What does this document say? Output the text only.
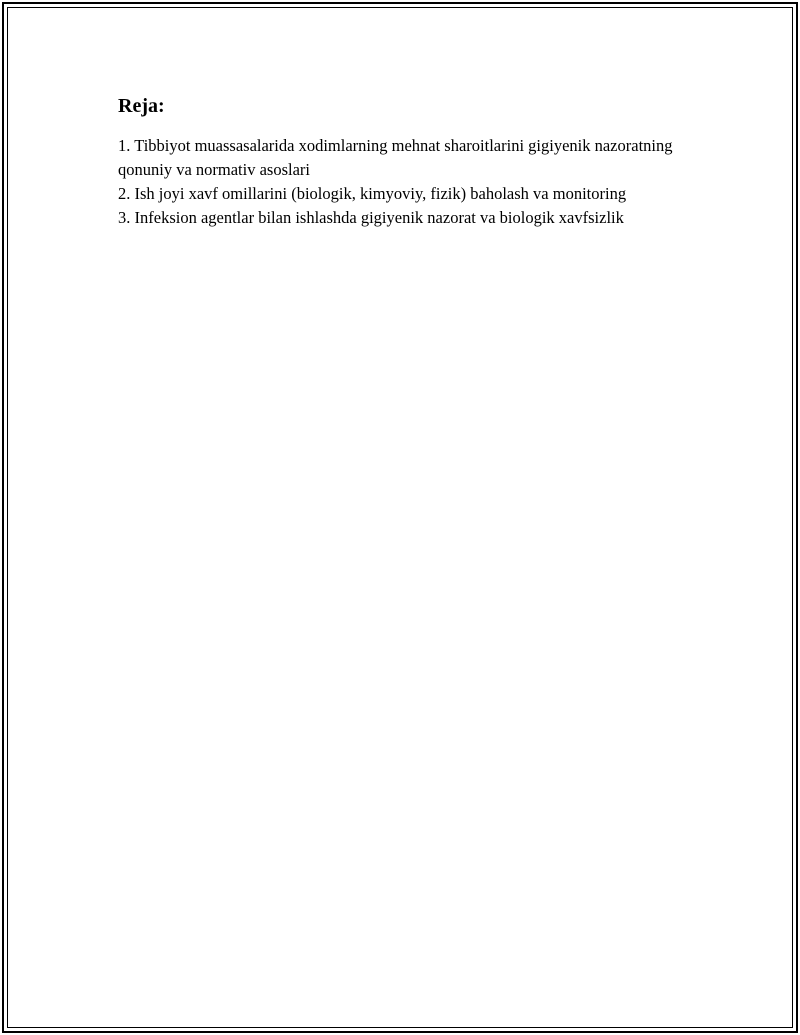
Reja:
1. Tibbiyot muassasalarida xodimlarning mehnat sharoitlarini gigiyenik nazoratning qonuniy va normativ asoslari
2. Ish joyi xavf omillarini (biologik, kimyoviy, fizik) baholash va monitoring
3. Infeksion agentlar bilan ishlashda gigiyenik nazorat va biologik xavfsizlik
